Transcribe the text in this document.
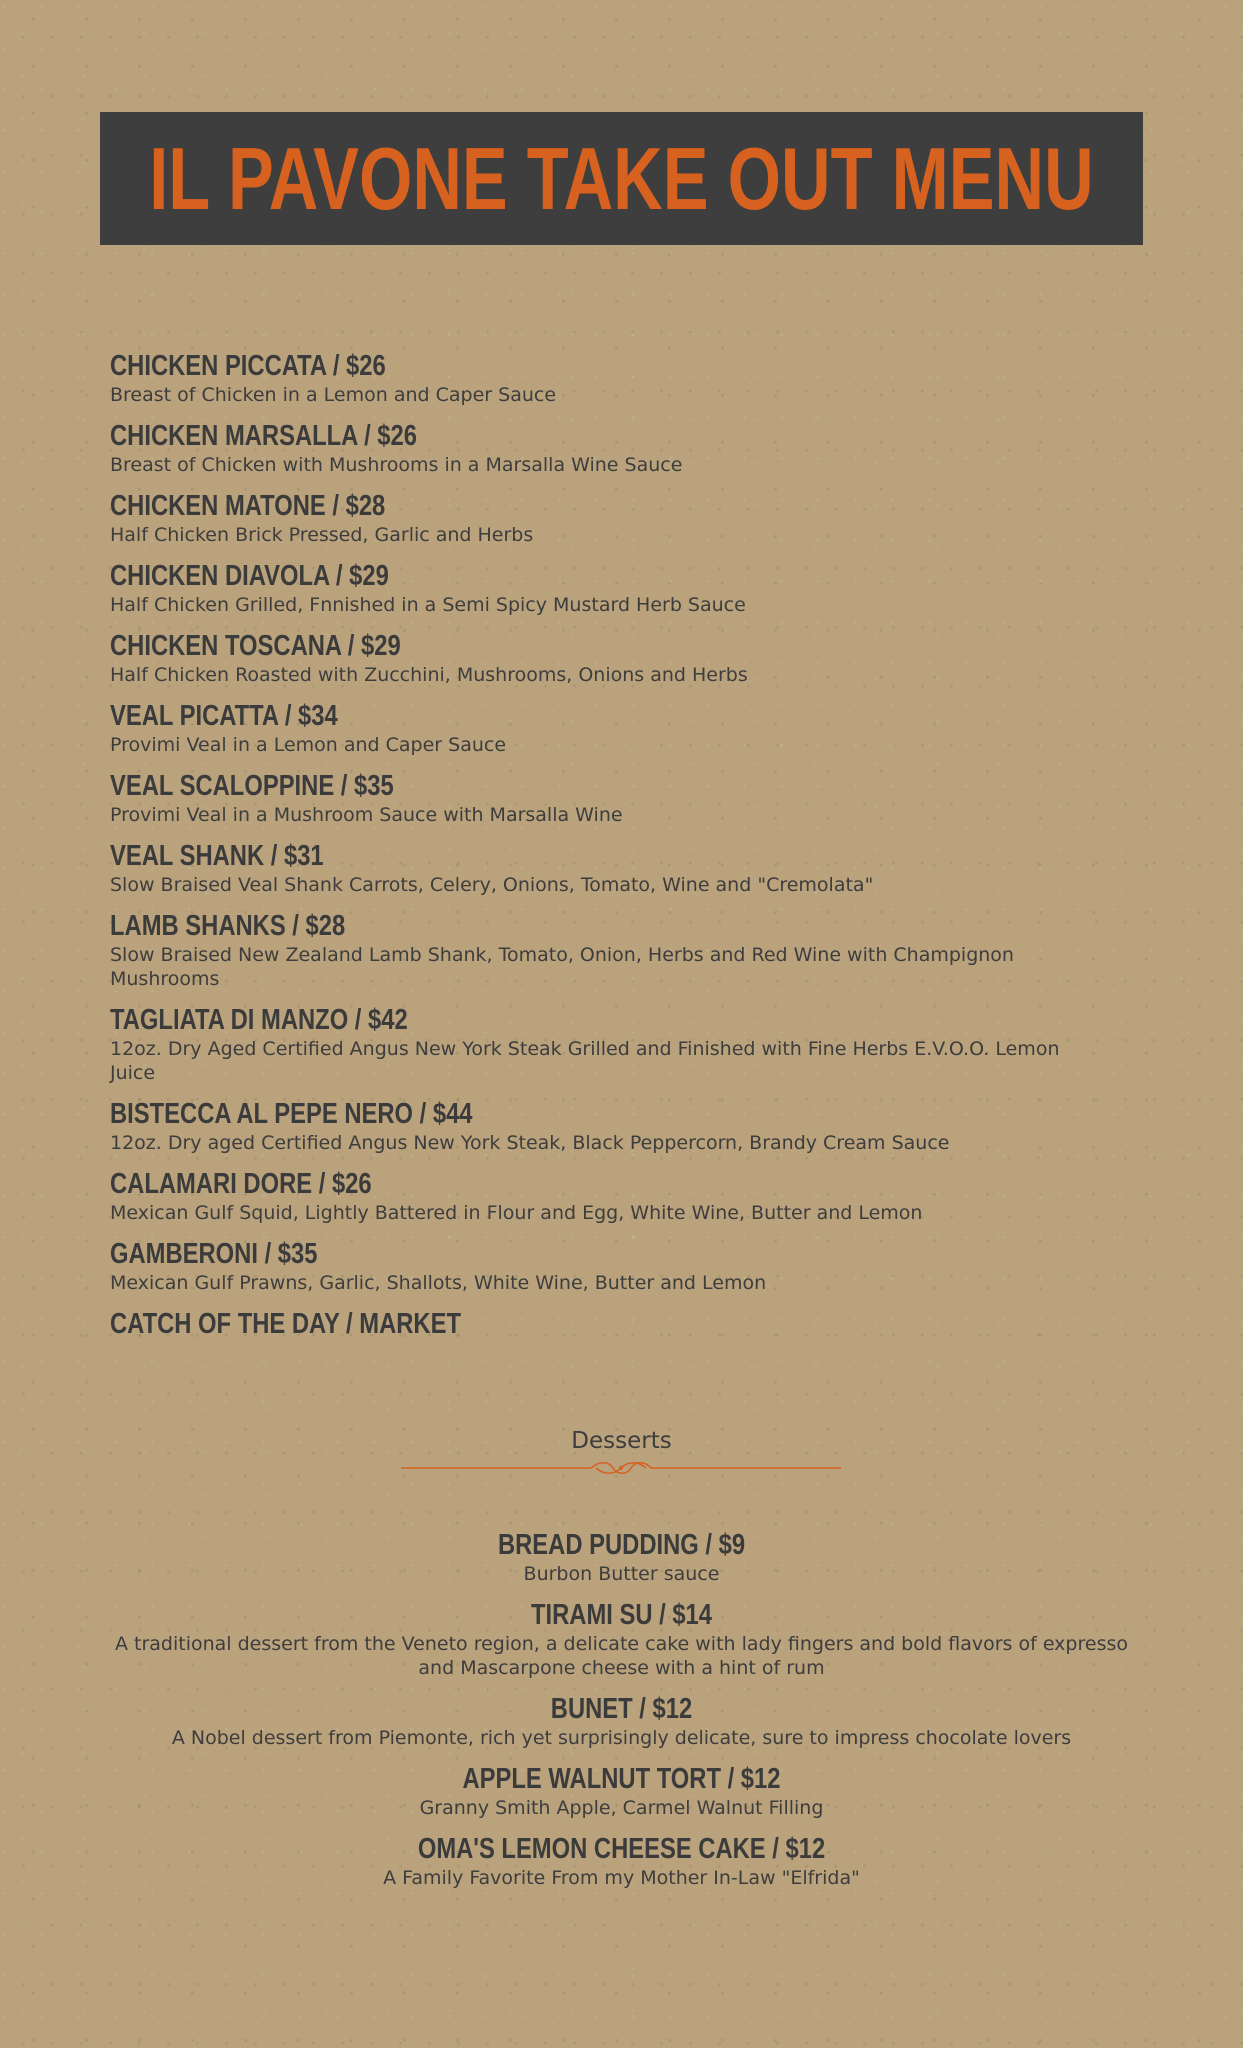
IL PAVONE TAKE OUT MENU
CHICKEN PICCATA / $26
Breast of Chicken in a Lemon and Caper Sauce
CHICKEN MARSALLA / $26
Breast of Chicken with Mushrooms in a Marsalla Wine Sauce
CHICKEN MATONE / $28
Half Chicken Brick Pressed, Garlic and Herbs
CHICKEN DIAVOLA / $29
Half Chicken Grilled, Fnnished in a Semi Spicy Mustard Herb Sauce
CHICKEN TOSCANA / $29
Half Chicken Roasted with Zucchini, Mushrooms, Onions and Herbs
VEAL PICATTA / $34
Provimi Veal in a Lemon and Caper Sauce
VEAL SCALOPPINE / $35
Provimi Veal in a Mushroom Sauce with Marsalla Wine
VEAL SHANK / $31
Slow Braised Veal Shank Carrots, Celery, Onions, Tomato, Wine and "Cremolata"
LAMB SHANKS / $28
Slow Braised New Zealand Lamb Shank, Tomato, Onion, Herbs and Red Wine with Champignon Mushrooms
TAGLIATA DI MANZO / $42
12oz. Dry Aged Certified Angus New York Steak Grilled and Finished with Fine Herbs E.V.O.O. Lemon Juice
BISTECCA AL PEPE NERO / $44
12oz. Dry aged Certified Angus New York Steak, Black Peppercorn, Brandy Cream Sauce
CALAMARI DORE / $26
Mexican Gulf Squid, Lightly Battered in Flour and Egg, White Wine, Butter and Lemon
GAMBERONI / $35
Mexican Gulf Prawns, Garlic, Shallots, White Wine, Butter and Lemon
CATCH OF THE DAY / MARKET
Desserts
BREAD PUDDING / $9
Burbon Butter sauce
TIRAMI SU / $14
A traditional dessert from the Veneto region, a delicate cake with lady fingers and bold flavors of expresso and Mascarpone cheese with a hint of rum
BUNET / $12
A Nobel dessert from Piemonte, rich yet surprisingly delicate, sure to impress chocolate lovers
APPLE WALNUT TORT / $12
Granny Smith Apple, Carmel Walnut Filling
OMA'S LEMON CHEESE CAKE / $12
A Family Favorite From my Mother In-Law "Elfrida"
